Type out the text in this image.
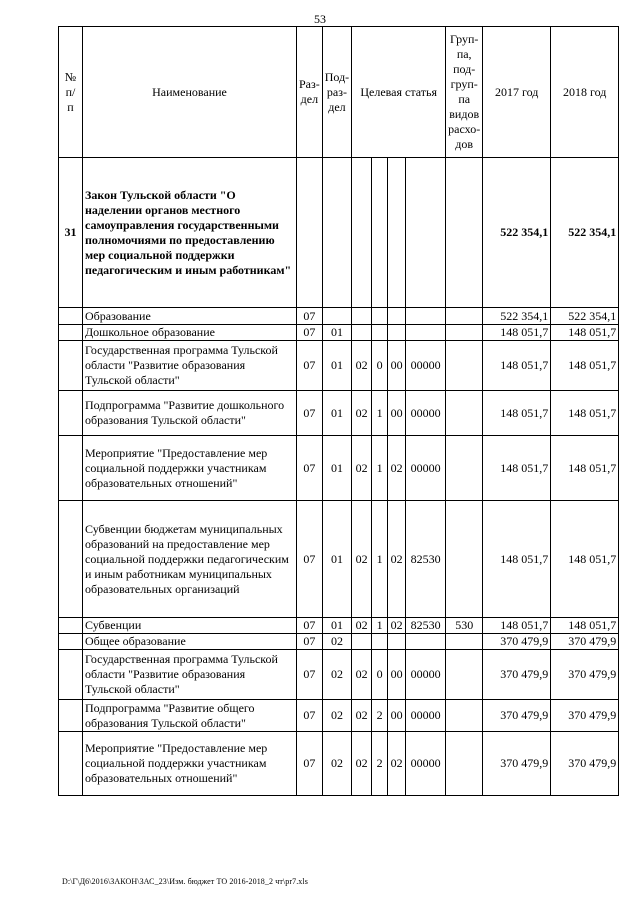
53
№ п/ п	Наименование	Раз- дел	Под- раз- дел	Целевая статья				Груп- па, под- груп- па видов расхо- дов	2017 год	2018 год
31	Закон Тульской области "О наделении органов местного самоуправления государственными полномочиями по предоставлению мер социальной поддержки педагогическим и иным работникам"								522 354,1	522 354,1
	Образование	07							522 354,1	522 354,1
	Дошкольное образование	07	01						148 051,7	148 051,7
	Государственная программа Тульской области "Развитие образования Тульской области"	07	01	02	0	00	00000		148 051,7	148 051,7
	Подпрограмма "Развитие дошкольного образования Тульской области"	07	01	02	1	00	00000		148 051,7	148 051,7
	Мероприятие "Предоставление мер социальной поддержки участникам образовательных отношений"	07	01	02	1	02	00000		148 051,7	148 051,7
	Субвенции бюджетам муниципальных образований на предоставление мер социальной поддержки педагогическим и иным работникам муниципальных образовательных организаций	07	01	02	1	02	82530		148 051,7	148 051,7
	Субвенции	07	01	02	1	02	82530	530	148 051,7	148 051,7
	Общее образование	07	02						370 479,9	370 479,9
	Государственная программа Тульской области "Развитие образования Тульской области"	07	02	02	0	00	00000		370 479,9	370 479,9
	Подпрограмма "Развитие общего образования Тульской области"	07	02	02	2	00	00000		370 479,9	370 479,9
	Мероприятие "Предоставление мер социальной поддержки участникам образовательных отношений"	07	02	02	2	02	00000		370 479,9	370 479,9
D:\Г\Д6\2016\ЗАКОН\ЗАС_23\Изм. бюджет ТО 2016-2018_2 чт\pr7.xls
